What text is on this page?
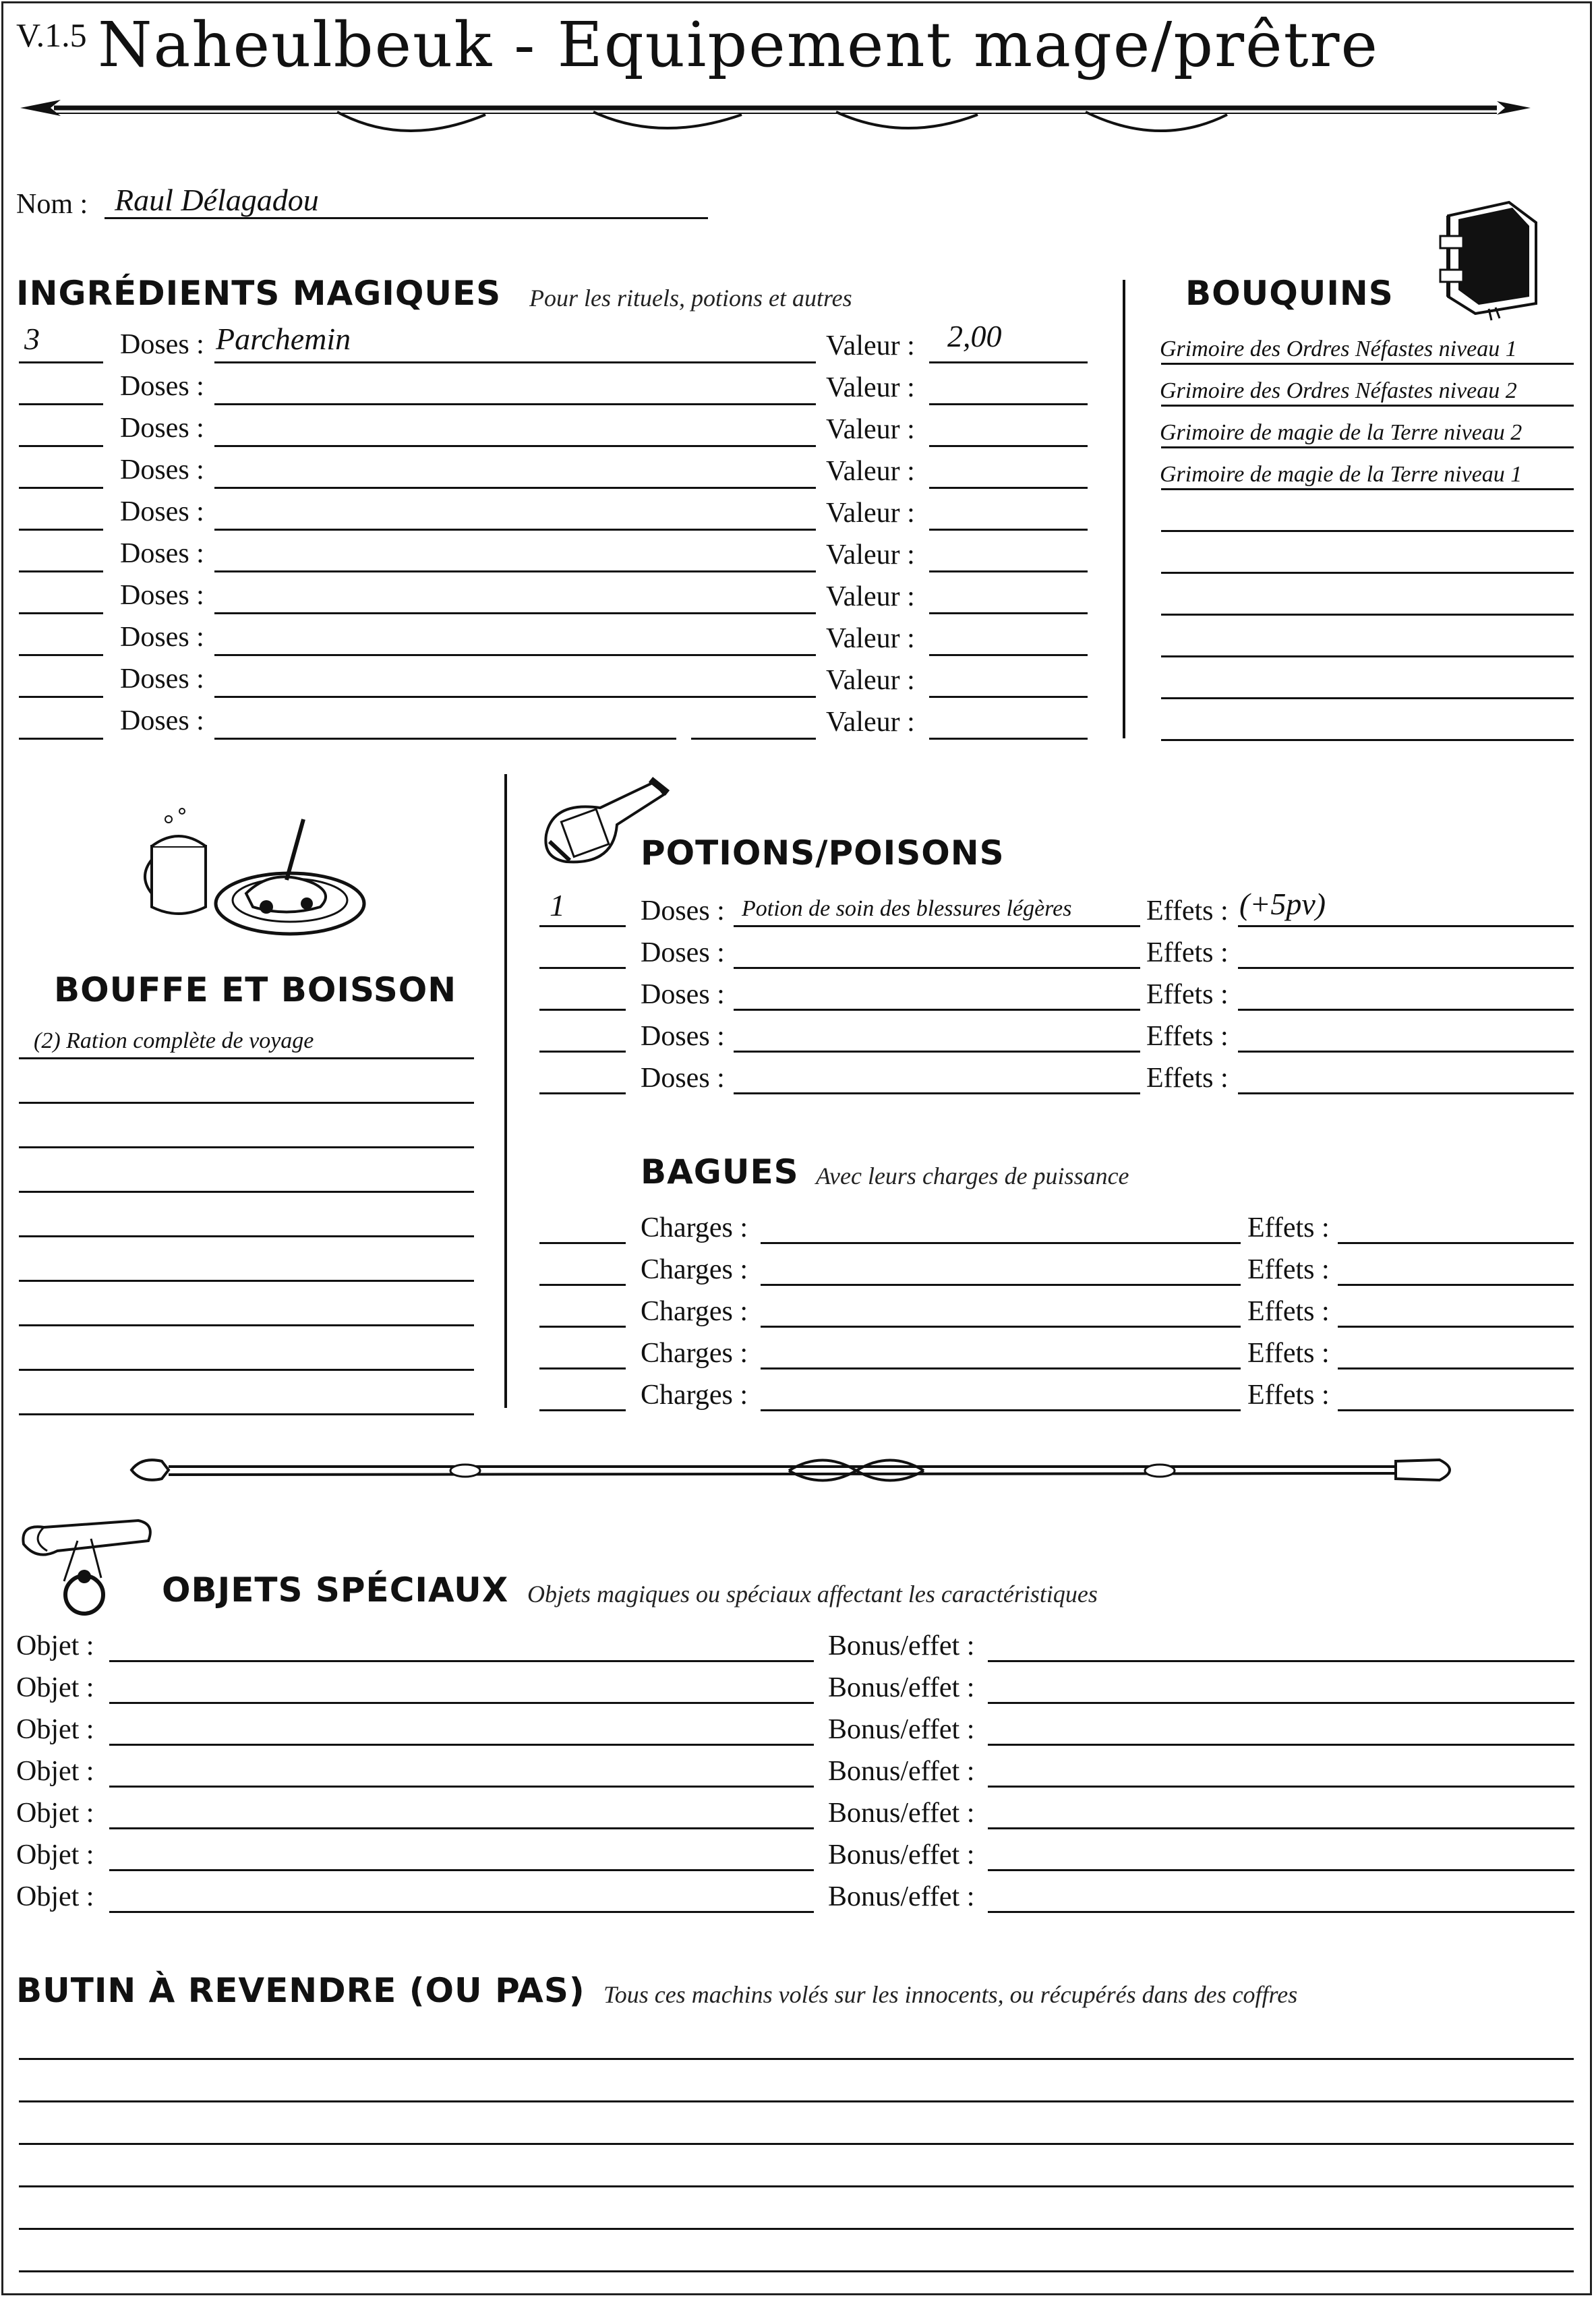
V.1.5 Naheulbeuk - Equipement mage/prêtre
Nom : Raul Délagadou
INGRÉDIENTS MAGIQUES Pour les rituels, potions et autres
3	Doses : Parchemin	Valeur : 2,00
Doses :	Valeur :
Doses :	Valeur :
Doses :	Valeur :
Doses :	Valeur :
Doses :	Valeur :
Doses :	Valeur :
Doses :	Valeur :
Doses :	Valeur :
Doses :	Valeur :
BOUQUINS
Grimoire des Ordres Néfastes niveau 1
Grimoire des Ordres Néfastes niveau 2
Grimoire de magie de la Terre niveau 2
Grimoire de magie de la Terre niveau 1
BOUFFE ET BOISSON
(2) Ration complète de voyage
POTIONS/POISONS
1	Doses : Potion de soin des blessures légères	Effets : (+5pv)
Doses :	Effets :
Doses :	Effets :
Doses :	Effets :
Doses :	Effets :
BAGUES Avec leurs charges de puissance
Charges :	Effets :
Charges :	Effets :
Charges :	Effets :
Charges :	Effets :
Charges :	Effets :
OBJETS SPÉCIAUX Objets magiques ou spéciaux affectant les caractéristiques
Objet :	Bonus/effet :
Objet :	Bonus/effet :
Objet :	Bonus/effet :
Objet :	Bonus/effet :
Objet :	Bonus/effet :
Objet :	Bonus/effet :
Objet :	Bonus/effet :
BUTIN À REVENDRE (OU PAS) Tous ces machins volés sur les innocents, ou récupérés dans des coffres
